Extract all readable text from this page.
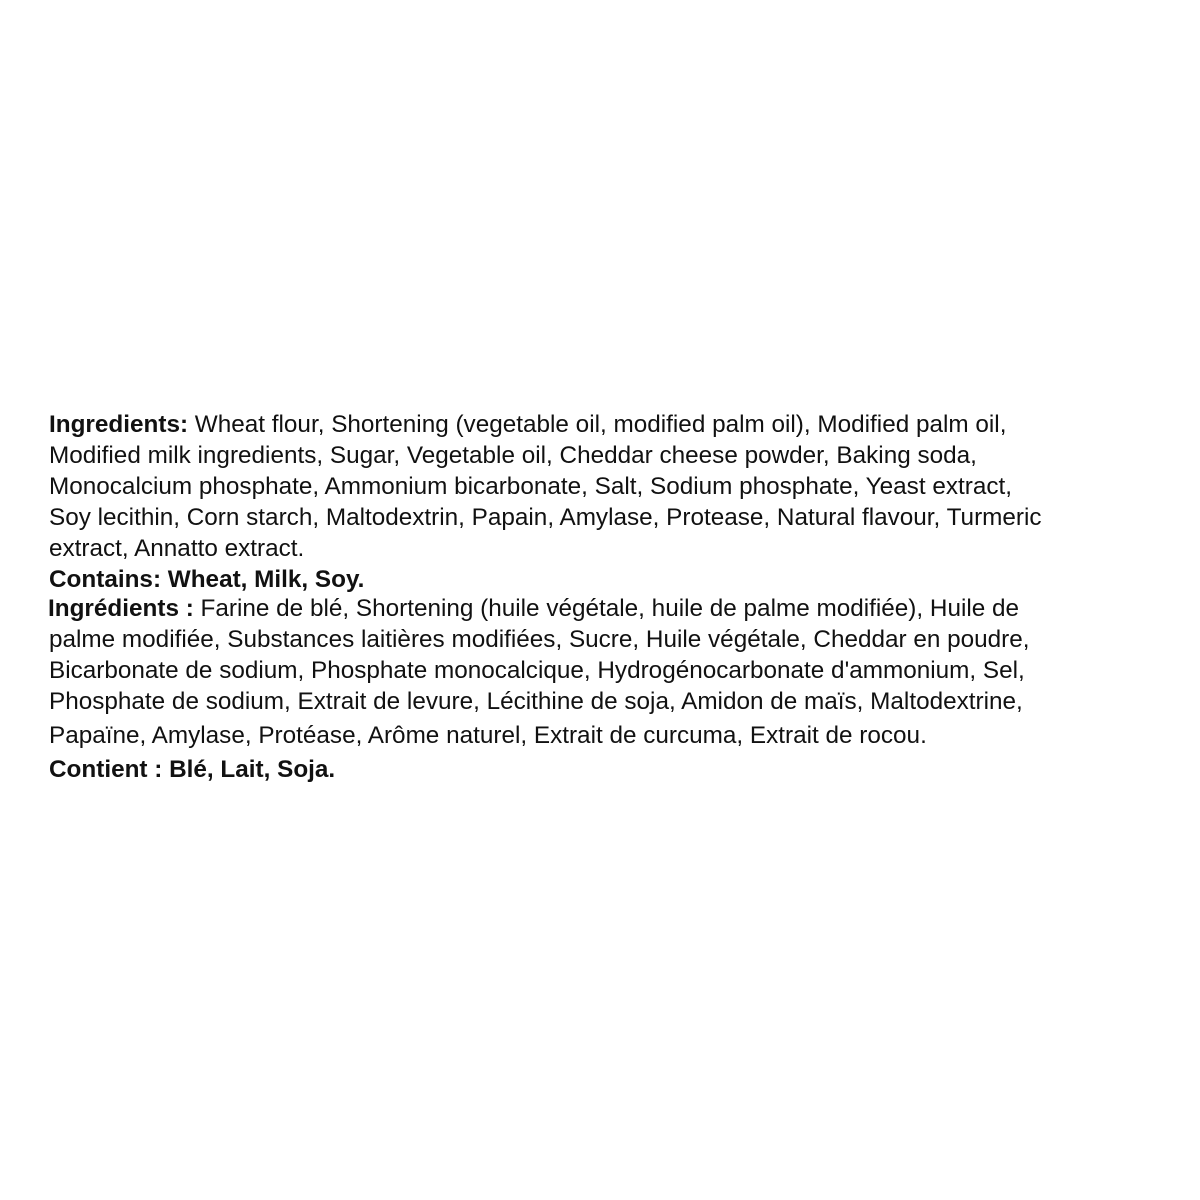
Ingredients: Wheat flour, Shortening (vegetable oil, modified palm oil), Modified palm oil,
Modified milk ingredients, Sugar, Vegetable oil, Cheddar cheese powder, Baking soda,
Monocalcium phosphate, Ammonium bicarbonate, Salt, Sodium phosphate, Yeast extract,
Soy lecithin, Corn starch, Maltodextrin, Papain, Amylase, Protease, Natural flavour, Turmeric
extract, Annatto extract.
Contains: Wheat, Milk, Soy.
Ingrédients : Farine de blé, Shortening (huile végétale, huile de palme modifiée), Huile de
palme modifiée, Substances laitières modifiées, Sucre, Huile végétale, Cheddar en poudre,
Bicarbonate de sodium, Phosphate monocalcique, Hydrogénocarbonate d'ammonium, Sel,
Phosphate de sodium, Extrait de levure, Lécithine de soja, Amidon de maïs, Maltodextrine,
Papaïne, Amylase, Protéase, Arôme naturel, Extrait de curcuma, Extrait de rocou.
Contient : Blé, Lait, Soja.
